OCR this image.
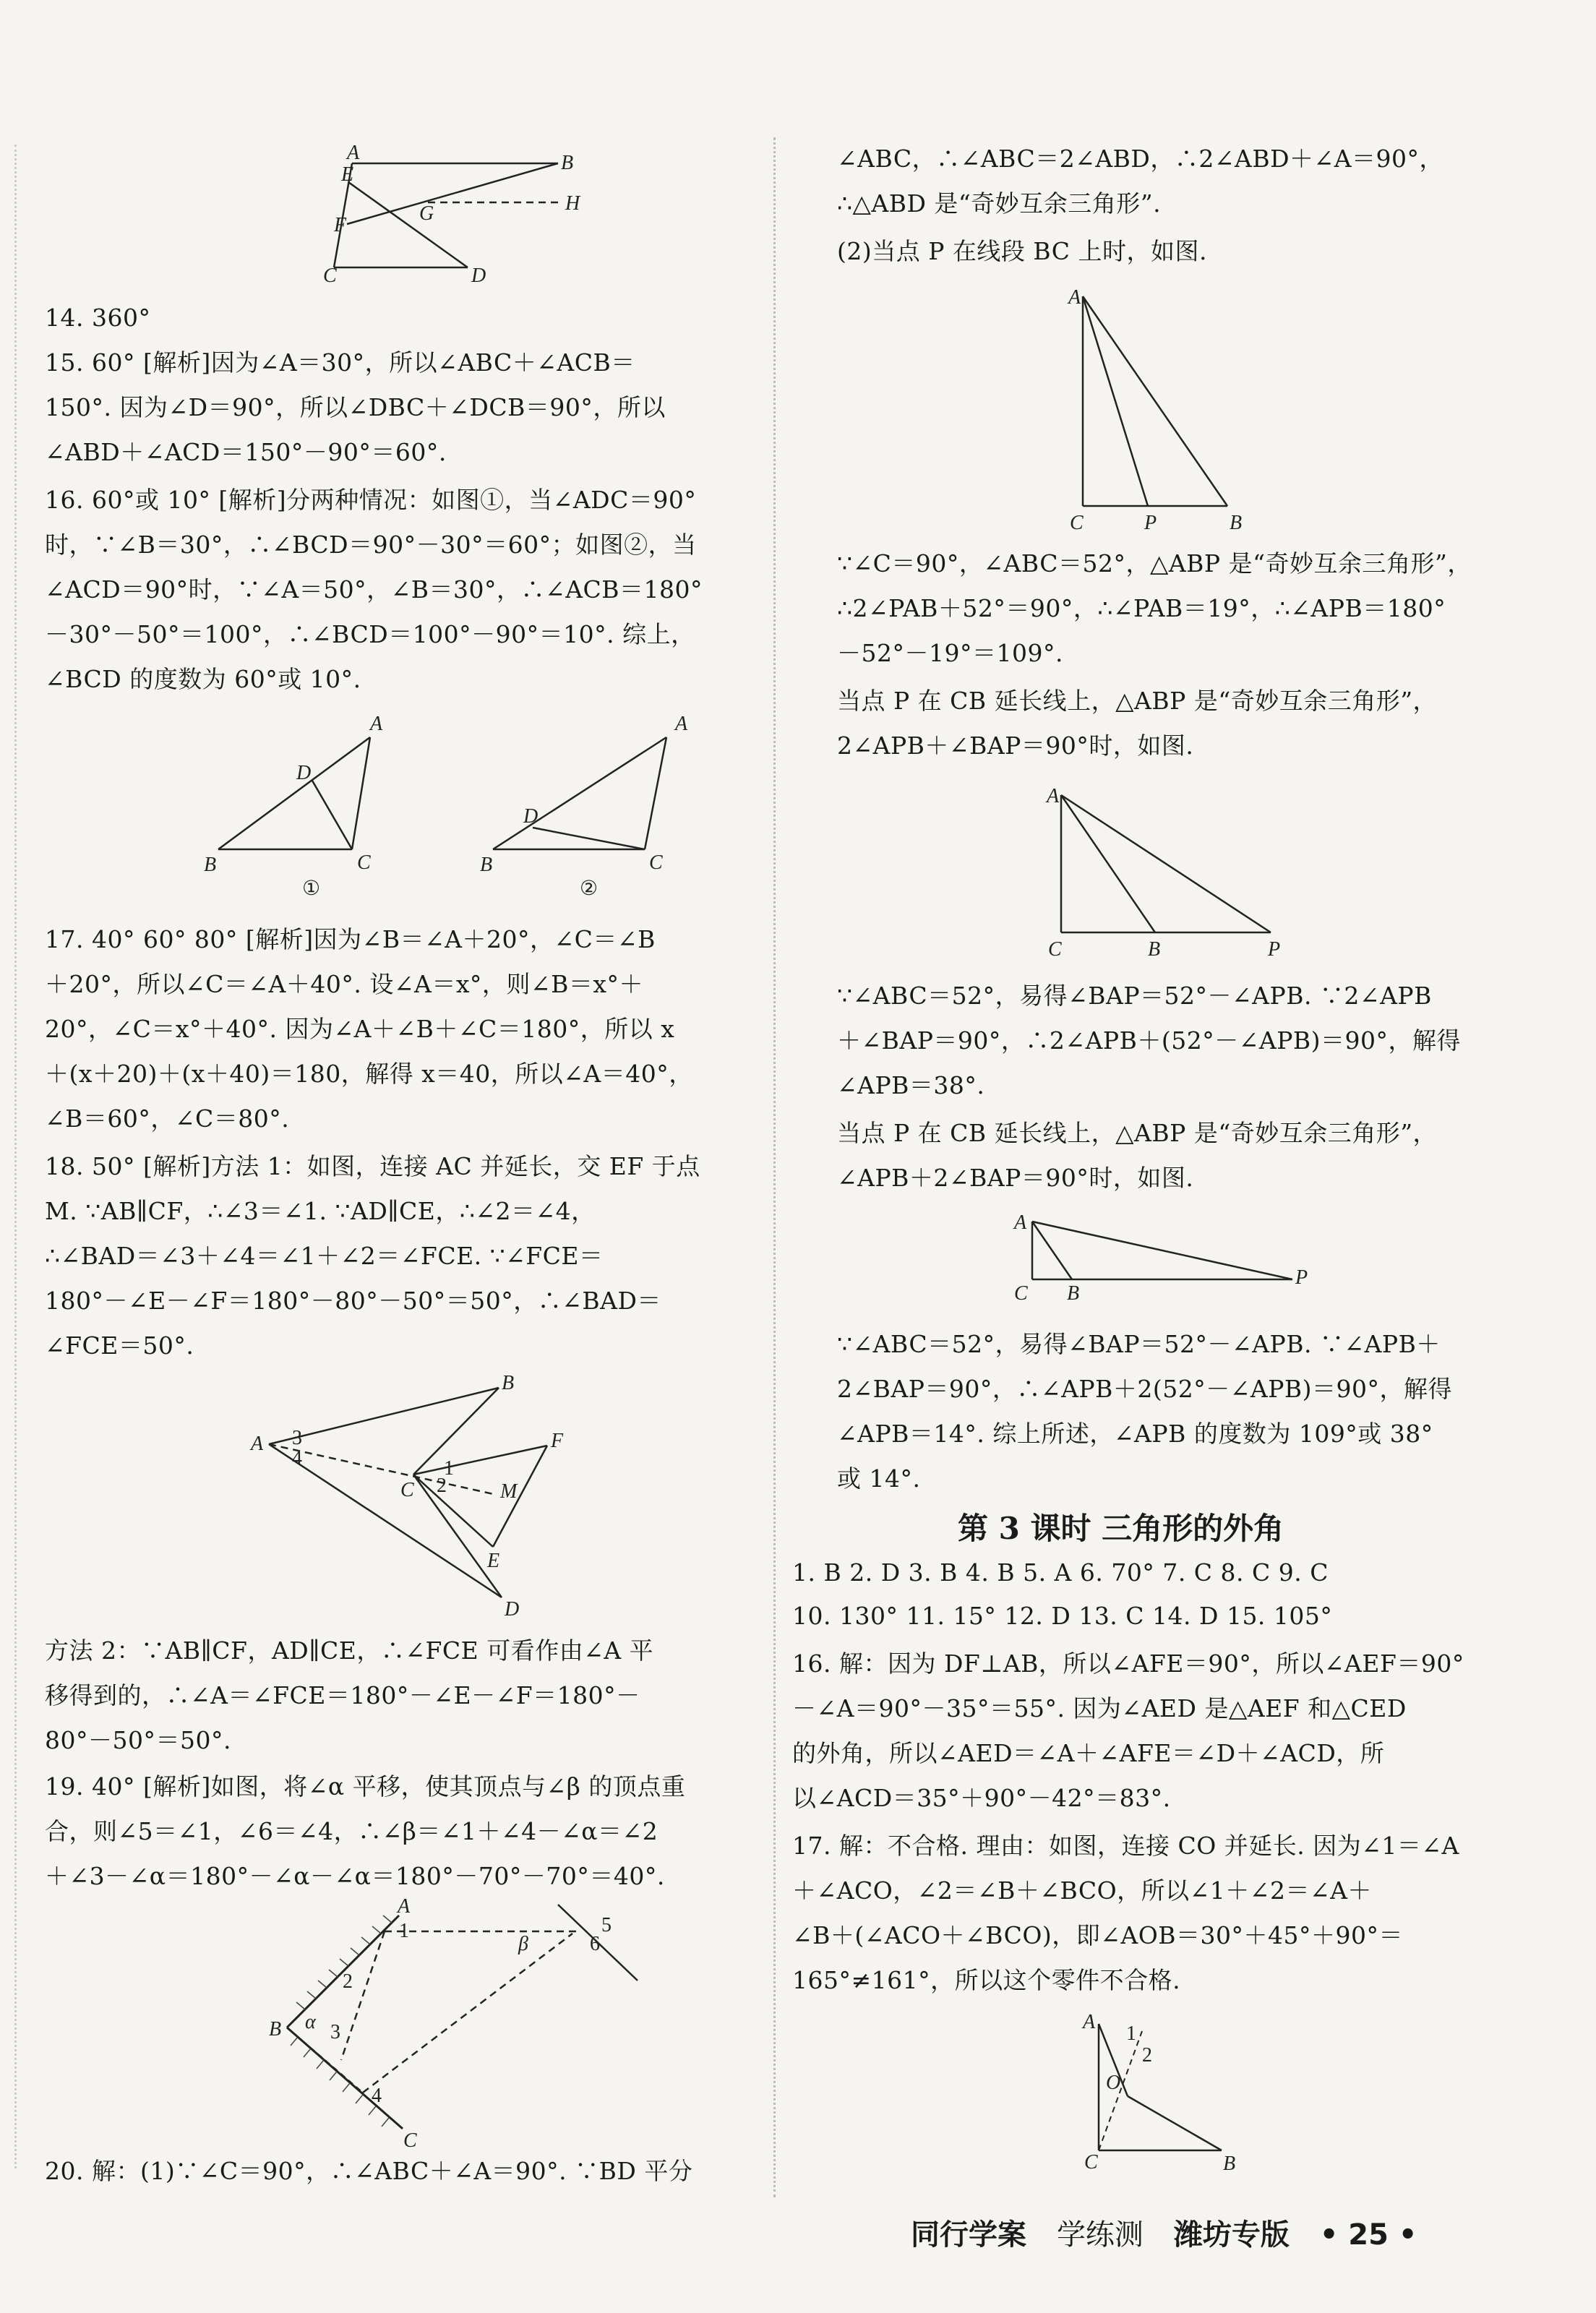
A
E
B
F
G	H
C	D
14. 360°
15. 60° [解析]因为∠A＝30°，所以∠ABC＋∠ACB＝
150°. 因为∠D＝90°，所以∠DBC＋∠DCB＝90°，所以
∠ABD＋∠ACD＝150°－90°＝60°.
16. 60°或 10° [解析]分两种情况：如图①，当∠ADC＝90°
时，∵∠B＝30°，∴∠BCD＝90°－30°＝60°；如图②，当
∠ACD＝90°时，∵∠A＝50°，∠B＝30°，∴∠ACB＝180°
－30°－50°＝100°，∴∠BCD＝100°－90°＝10°. 综上，
∠BCD 的度数为 60°或 10°.
A
D
B	C
①
A
D
B	C
②
17. 40° 60° 80° [解析]因为∠B＝∠A＋20°，∠C＝∠B
＋20°，所以∠C＝∠A＋40°. 设∠A＝x°，则∠B＝x°＋
20°，∠C＝x°＋40°. 因为∠A＋∠B＋∠C＝180°，所以 x
＋(x＋20)＋(x＋40)＝180，解得 x＝40，所以∠A＝40°，
∠B＝60°，∠C＝80°.
18. 50° [解析]方法 1：如图，连接 AC 并延长，交 EF 于点
M. ∵AB∥CF，∴∠3＝∠1. ∵AD∥CE，∴∠2＝∠4，
∴∠BAD＝∠3＋∠4＝∠1＋∠2＝∠FCE. ∵∠FCE＝
180°－∠E－∠F＝180°－80°－50°＝50°，∴∠BAD＝
∠FCE＝50°.
A
B
F
C	M
E
D
3
4	1
2
方法 2：∵AB∥CF，AD∥CE，∴∠FCE 可看作由∠A 平
移得到的，∴∠A＝∠FCE＝180°－∠E－∠F＝180°－
80°－50°＝50°.
19. 40° [解析]如图，将∠α 平移，使其顶点与∠β 的顶点重
合，则∠5＝∠1，∠6＝∠4，∴∠β＝∠1＋∠4－∠α＝∠2
＋∠3－∠α＝180°－∠α－∠α＝180°－70°－70°＝40°.
A
B
C
1
2
3
4
α
β
5
6
20. 解：(1)∵∠C＝90°，∴∠ABC＋∠A＝90°. ∵BD 平分
∠ABC，∴∠ABC＝2∠ABD，∴2∠ABD＋∠A＝90°，
∴△ABD 是“奇妙互余三角形”.
(2)当点 P 在线段 BC 上时，如图.
A
C	P	B
∵∠C＝90°，∠ABC＝52°，△ABP 是“奇妙互余三角形”，
∴2∠PAB＋52°＝90°，∴∠PAB＝19°，∴∠APB＝180°
－52°－19°＝109°.
当点 P 在 CB 延长线上，△ABP 是“奇妙互余三角形”，
2∠APB＋∠BAP＝90°时，如图.
A
C	B	P
∵∠ABC＝52°，易得∠BAP＝52°－∠APB. ∵2∠APB
＋∠BAP＝90°，∴2∠APB＋(52°－∠APB)＝90°，解得
∠APB＝38°.
当点 P 在 CB 延长线上，△ABP 是“奇妙互余三角形”，
∠APB＋2∠BAP＝90°时，如图.
A
C B
P
∵∠ABC＝52°，易得∠BAP＝52°－∠APB. ∵∠APB＋
2∠BAP＝90°，∴∠APB＋2(52°－∠APB)＝90°，解得
∠APB＝14°. 综上所述，∠APB 的度数为 109°或 38°
或 14°.
第 3 课时 三角形的外角
1. B 2. D 3. B 4. B 5. A 6. 70° 7. C 8. C 9. C
10. 130° 11. 15° 12. D 13. C 14. D 15. 105°
16. 解：因为 DF⊥AB，所以∠AFE＝90°，所以∠AEF＝90°
－∠A＝90°－35°＝55°. 因为∠AED 是△AEF 和△CED
的外角，所以∠AED＝∠A＋∠AFE＝∠D＋∠ACD，所
以∠ACD＝35°＋90°－42°＝83°.
17. 解：不合格. 理由：如图，连接 CO 并延长. 因为∠1＝∠A
＋∠ACO，∠2＝∠B＋∠BCO，所以∠1＋∠2＝∠A＋
∠B＋(∠ACO＋∠BCO)，即∠AOB＝30°＋45°＋90°＝
165°≠161°，所以这个零件不合格.
A
1
2
O
C	B
同行学案 学练测 潍坊专版 • 25 •
